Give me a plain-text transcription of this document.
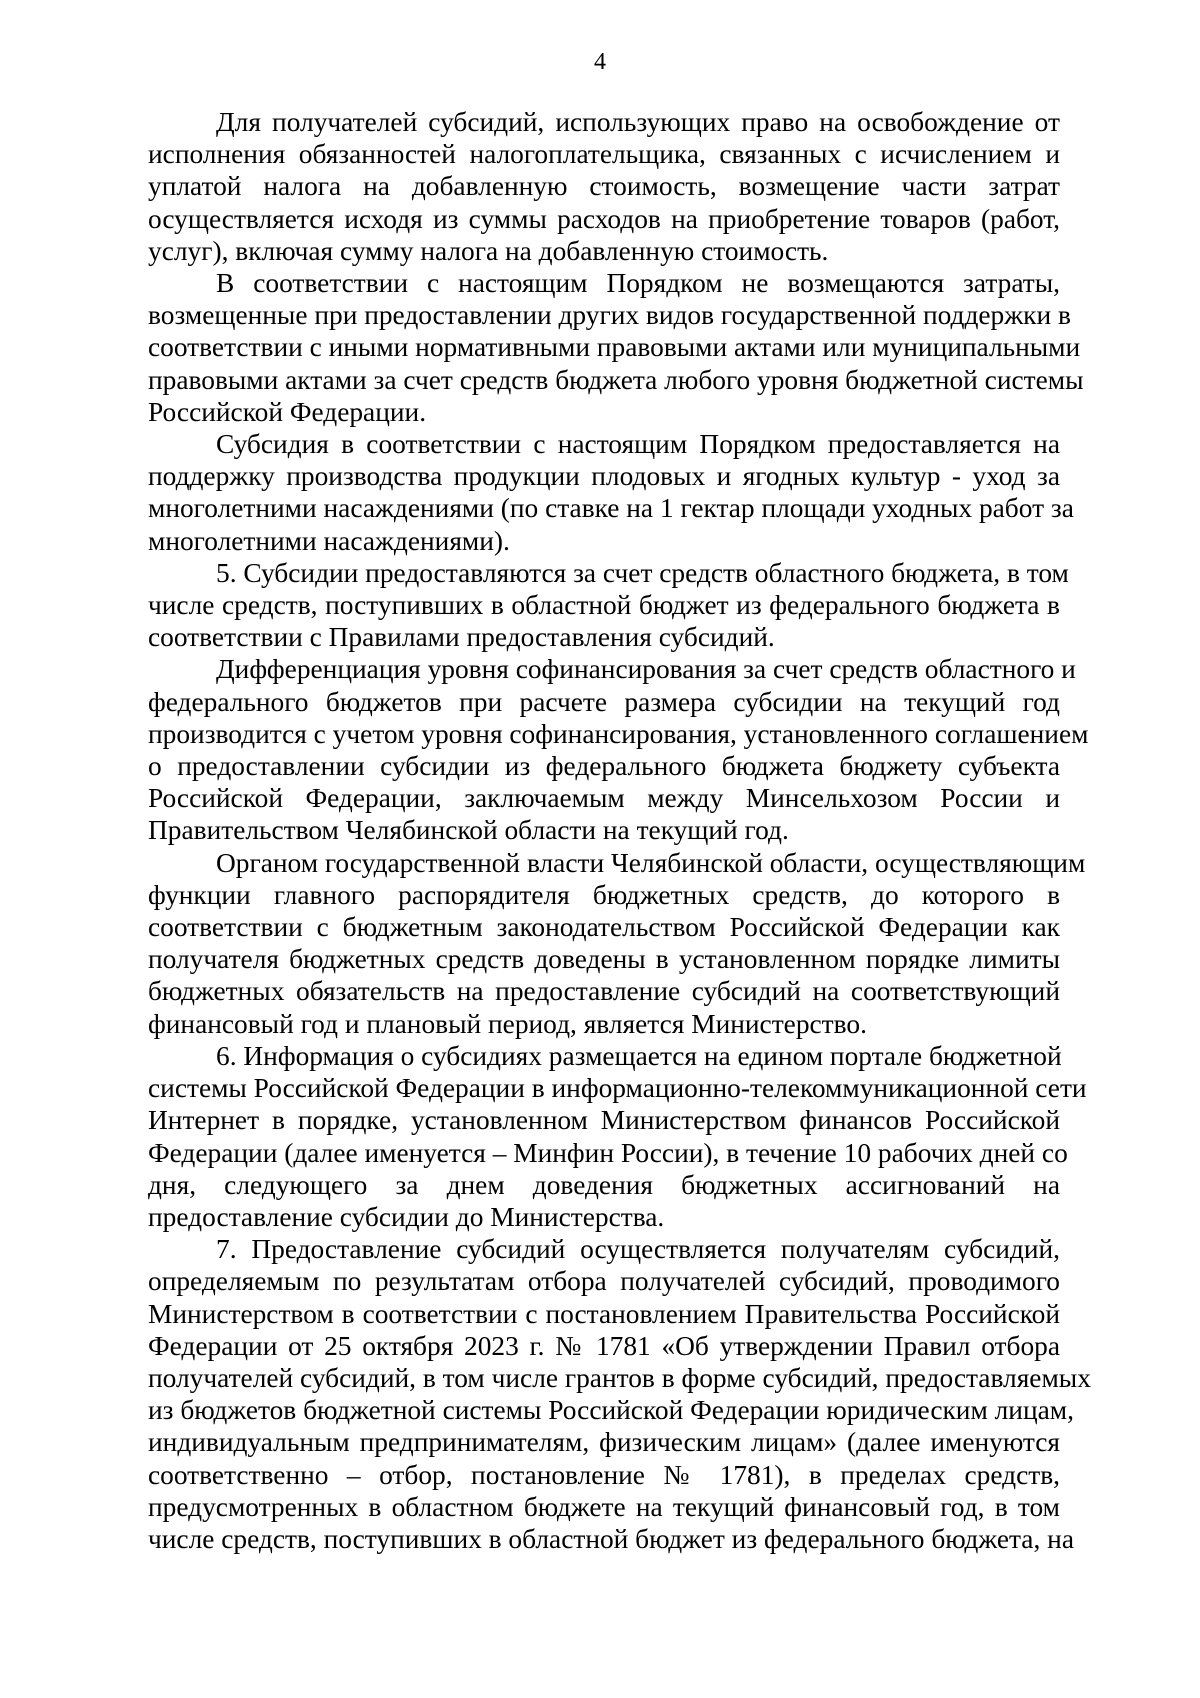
4
Для получателей субсидий, использующих право на освобождение от
исполнения обязанностей налогоплательщика, связанных с исчислением и
уплатой налога на добавленную стоимость, возмещение части затрат
осуществляется исходя из суммы расходов на приобретение товаров (работ,
услуг), включая сумму налога на добавленную стоимость.
В соответствии с настоящим Порядком не возмещаются затраты,
возмещенные при предоставлении других видов государственной поддержки в
соответствии с иными нормативными правовыми актами или муниципальными
правовыми актами за счет средств бюджета любого уровня бюджетной системы
Российской Федерации.
Субсидия в соответствии с настоящим Порядком предоставляется на
поддержку производства продукции плодовых и ягодных культур - уход за
многолетними насаждениями (по ставке на 1 гектар площади уходных работ за
многолетними насаждениями).
5. Субсидии предоставляются за счет средств областного бюджета, в том
числе средств, поступивших в областной бюджет из федерального бюджета в
соответствии с Правилами предоставления субсидий.
Дифференциация уровня софинансирования за счет средств областного и
федерального бюджетов при расчете размера субсидии на текущий год
производится с учетом уровня софинансирования, установленного соглашением
о предоставлении субсидии из федерального бюджета бюджету субъекта
Российской Федерации, заключаемым между Минсельхозом России и
Правительством Челябинской области на текущий год.
Органом государственной власти Челябинской области, осуществляющим
функции главного распорядителя бюджетных средств, до которого в
соответствии с бюджетным законодательством Российской Федерации как
получателя бюджетных средств доведены в установленном порядке лимиты
бюджетных обязательств на предоставление субсидий на соответствующий
финансовый год и плановый период, является Министерство.
6. Информация о субсидиях размещается на едином портале бюджетной
системы Российской Федерации в информационно-телекоммуникационной сети
Интернет в порядке, установленном Министерством финансов Российской
Федерации (далее именуется – Минфин России), в течение 10 рабочих дней со
дня, следующего за днем доведения бюджетных ассигнований на
предоставление субсидии до Министерства.
7. Предоставление субсидий осуществляется получателям субсидий,
определяемым по результатам отбора получателей субсидий, проводимого
Министерством в соответствии с постановлением Правительства Российской
Федерации от 25 октября 2023 г. № 1781 «Об утверждении Правил отбора
получателей субсидий, в том числе грантов в форме субсидий, предоставляемых
из бюджетов бюджетной системы Российской Федерации юридическим лицам,
индивидуальным предпринимателям, физическим лицам» (далее именуются
соответственно – отбор, постановление № 1781), в пределах средств,
предусмотренных в областном бюджете на текущий финансовый год, в том
числе средств, поступивших в областной бюджет из федерального бюджета, на
